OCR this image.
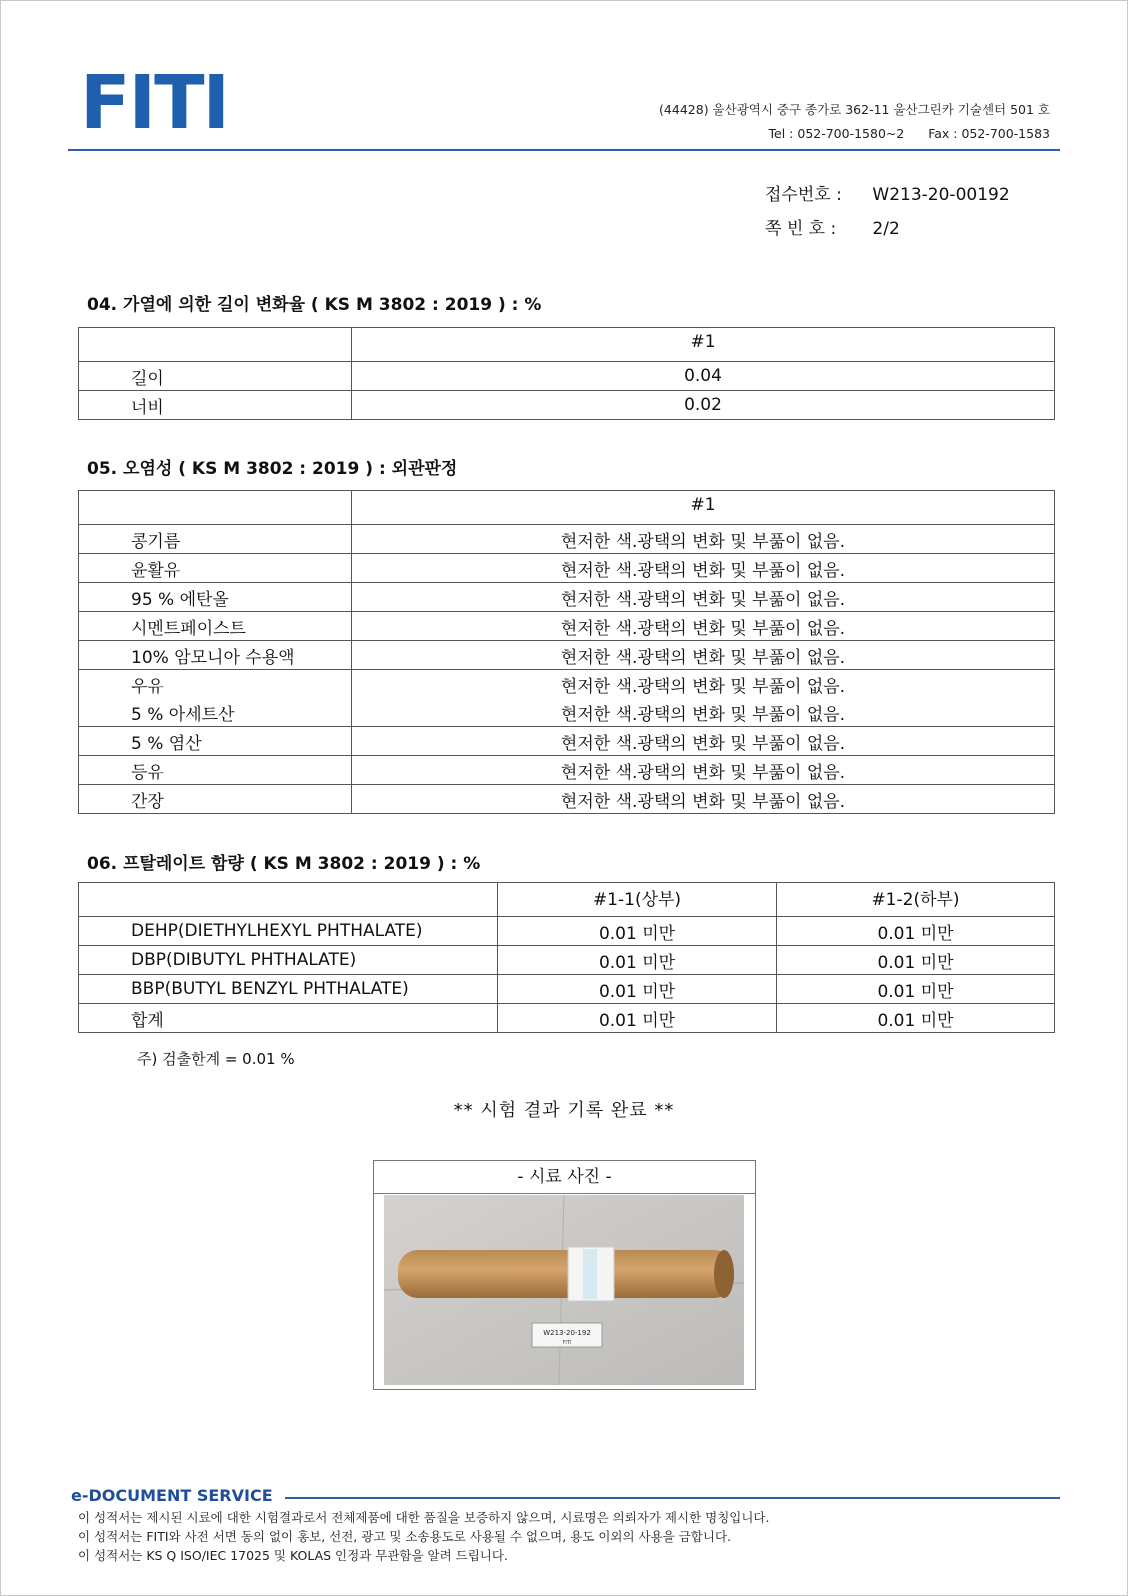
FITI	(44428) 울산광역시 중구 종가로 362-11 울산그린카 기술센터 501 호
Tel : 052-700-1580~2 Fax : 052-700-1583
접수번호 : W213-20-00192
쪽 빈 호 : 2/2
04. 가열에 의한 길이 변화율 ( KS M 3802 : 2019 ) : %
	#1

길이	0.04
너비	0.02
05. 오염성 ( KS M 3802 : 2019 ) : 외관판정
	#1

콩기름	현저한 색.광택의 변화 및 부풂이 없음.
윤활유	현저한 색.광택의 변화 및 부풂이 없음.
95 % 에탄올	현저한 색.광택의 변화 및 부풂이 없음.
시멘트페이스트	현저한 색.광택의 변화 및 부풂이 없음.
10% 암모니아 수용액	현저한 색.광택의 변화 및 부풂이 없음.
우유	현저한 색.광택의 변화 및 부풂이 없음.
5 % 아세트산	현저한 색.광택의 변화 및 부풂이 없음.
5 % 염산	현저한 색.광택의 변화 및 부풂이 없음.
등유	현저한 색.광택의 변화 및 부풂이 없음.
간장	현저한 색.광택의 변화 및 부풂이 없음.
06. 프탈레이트 함량 ( KS M 3802 : 2019 ) : %
	#1-1(상부)	#1-2(하부)

DEHP(DIETHYLHEXYL PHTHALATE)	0.01 미만	0.01 미만
DBP(DIBUTYL PHTHALATE)	0.01 미만	0.01 미만
BBP(BUTYL BENZYL PHTHALATE)	0.01 미만	0.01 미만
합계	0.01 미만	0.01 미만
주) 검출한계 = 0.01 %
** 시험 결과 기록 완료 **
- 시료 사진 -
W213-20-192
FITI
e-DOCUMENT SERVICE
이 성적서는 제시된 시료에 대한 시험결과로서 전체제품에 대한 품질을 보증하지 않으며, 시료명은 의뢰자가 제시한 명칭입니다.
이 성적서는 FITI와 사전 서면 동의 없이 홍보, 선전, 광고 및 소송용도로 사용될 수 없으며, 용도 이외의 사용을 금합니다.
이 성적서는 KS Q ISO/IEC 17025 및 KOLAS 인정과 무관함을 알려 드립니다.
